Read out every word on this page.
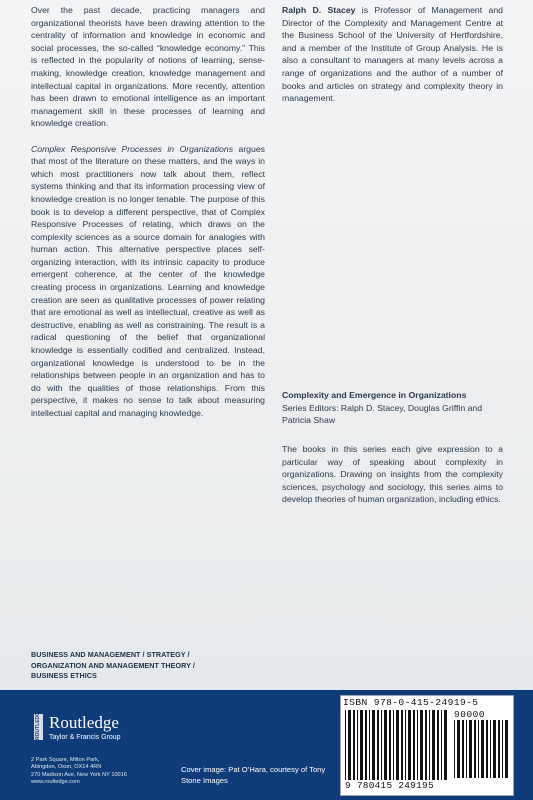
Over the past decade, practicing managers and organizational theorists have been drawing attention to the centrality of information and knowledge in economic and social processes, the so-called “knowledge economy.” This is reflected in the popularity of notions of learning, sense-making, knowledge creation, knowledge management and intellectual capital in organizations. More recently, attention has been drawn to emotional intelligence as an important management skill in these processes of learning and knowledge creation.

Complex Responsive Processes in Organizations argues that most of the literature on these matters, and the ways in which most practitioners now talk about them, reflect systems thinking and that its information processing view of knowledge creation is no longer tenable. The purpose of this book is to develop a different perspective, that of Complex Responsive Processes of relating, which draws on the complexity sciences as a source domain for analogies with human action. This alternative perspective places self-organizing interaction, with its intrinsic capacity to produce emergent coherence, at the center of the knowledge creating process in organizations. Learning and knowledge creation are seen as qualitative processes of power relating that are emotional as well as intellectual, creative as well as destructive, enabling as well as constraining. The result is a radical questioning of the belief that organizational knowledge is essentially codified and centralized. Instead, organizational knowledge is understood to be in the relationships between people in an organization and has to do with the qualities of those relationships. From this perspective, it makes no sense to talk about measuring intellectual capital and managing knowledge.

Ralph D. Stacey is Professor of Management and Director of the Complexity and Management Centre at the Business School of the University of Hertfordshire, and a member of the Institute of Group Analysis. He is also a consultant to managers at many levels across a range of organizations and the author of a number of books and articles on strategy and complexity theory in management.

Complexity and Emergence in Organizations
Series Editors: Ralph D. Stacey, Douglas Griffin and Patricia Shaw
The books in this series each give expression to a particular way of speaking about complexity in organizations. Drawing on insights from the complexity sciences, psychology and sociology, this series aims to develop theories of human organization, including ethics.
BUSINESS AND MANAGEMENT / STRATEGY /
ORGANIZATION AND MANAGEMENT THEORY /
BUSINESS ETHICS
ROUTLEDGE Routledge
Taylor & Francis Group
2 Park Square, Milton Park,
Abingdon, Oxon, OX14 4RN
270 Madison Ave, New York NY 10016
www.routledge.com
Cover image: Pat O’Hara, courtesy of Tony Stone Images
ISBN 978-0-415-24919-5
90000
9 780415 249195
